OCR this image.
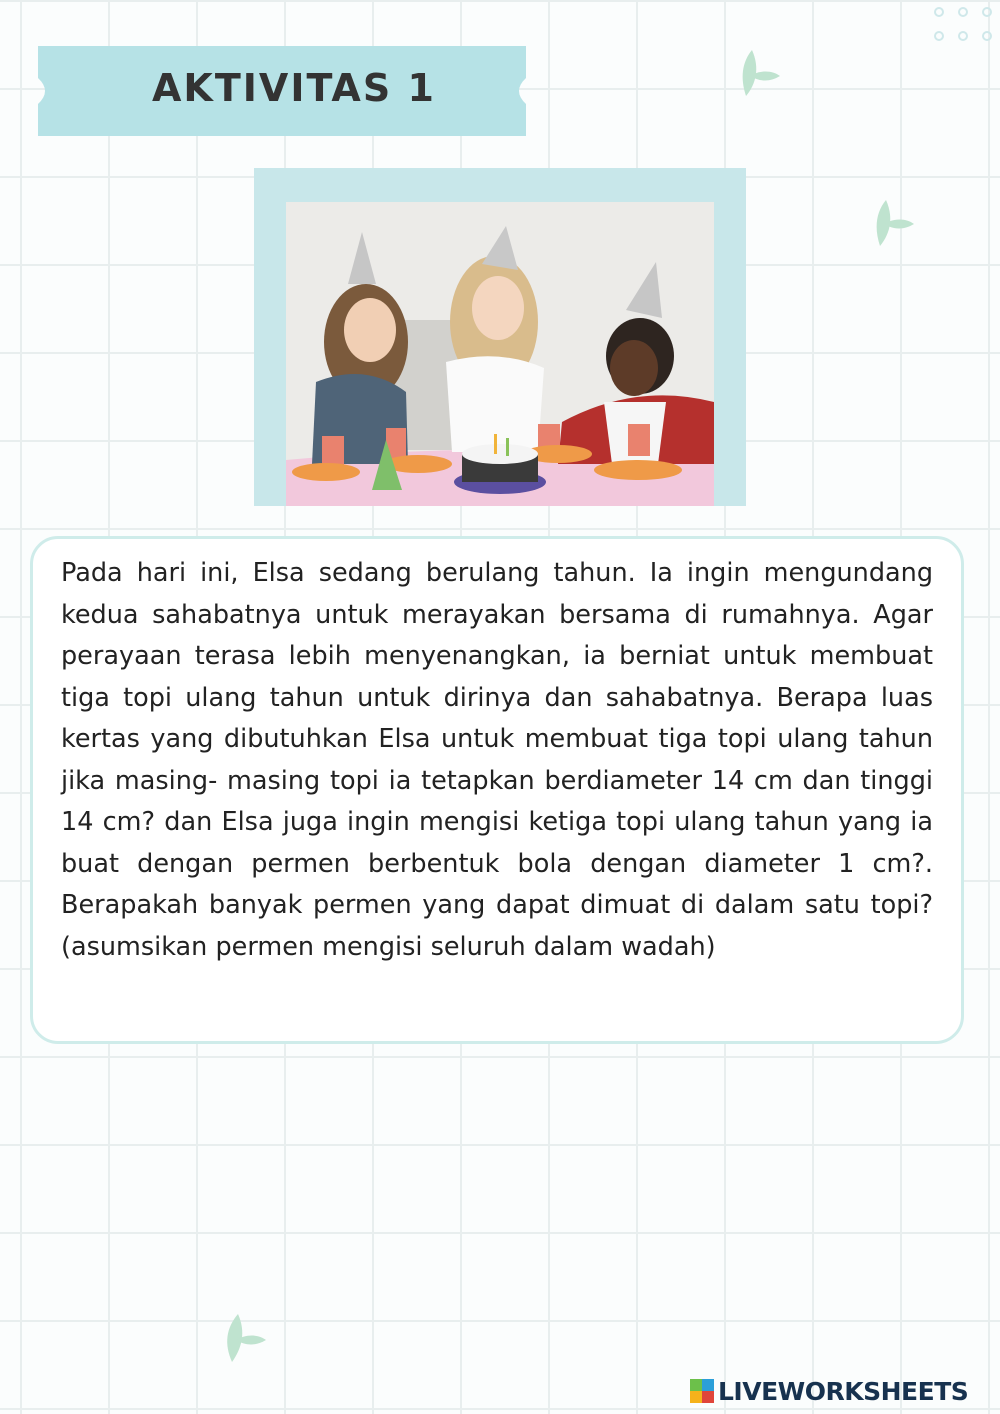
AKTIVITAS 1

Pada hari ini, Elsa sedang berulang tahun. Ia ingin mengundang kedua sahabatnya untuk merayakan bersama di rumahnya. Agar perayaan terasa lebih menyenangkan, ia berniat untuk membuat tiga topi ulang tahun untuk dirinya dan sahabatnya. Berapa luas kertas yang dibutuhkan Elsa untuk membuat tiga topi ulang tahun jika masing- masing topi ia tetapkan berdiameter 14 cm dan tinggi 14 cm? dan Elsa juga ingin mengisi ketiga topi ulang tahun yang ia buat dengan permen berbentuk bola dengan diameter 1 cm?. Berapakah banyak permen yang dapat dimuat di dalam satu topi? (asumsikan permen mengisi seluruh dalam wadah)

LIVEWORKSHEETS
